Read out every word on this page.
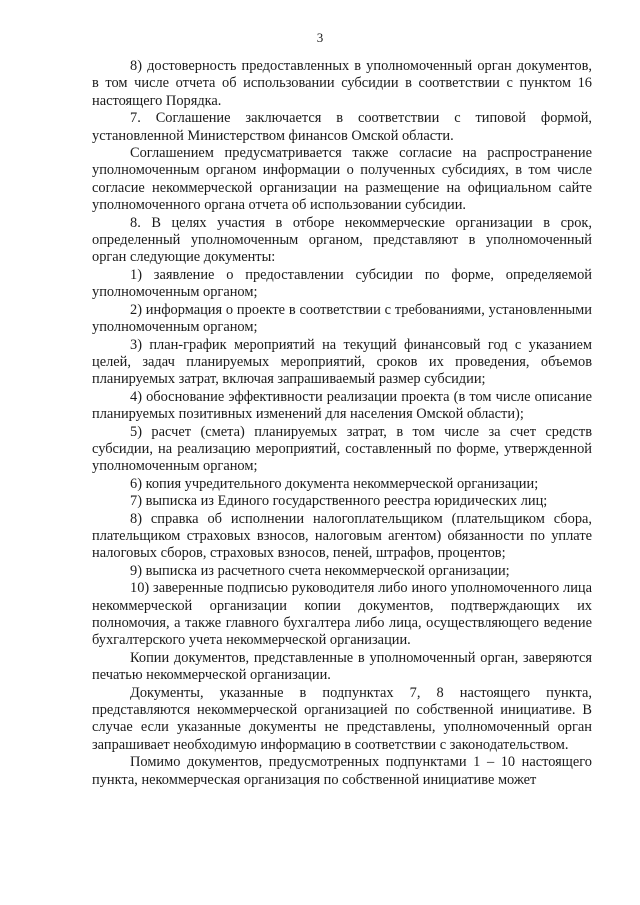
3

8) достоверность предоставленных в уполномоченный орган документов, в том числе отчета об использовании субсидии в соответствии с пунктом 16 настоящего Порядка.

7. Соглашение заключается в соответствии с типовой формой, установленной Министерством финансов Омской области.

Соглашением предусматривается также согласие на распространение уполномоченным органом информации о полученных субсидиях, в том числе согласие некоммерческой организации на размещение на официальном сайте уполномоченного органа отчета об использовании субсидии.

8. В целях участия в отборе некоммерческие организации в срок, определенный уполномоченным органом, представляют в уполномоченный орган следующие документы:

1) заявление о предоставлении субсидии по форме, определяемой уполномоченным органом;

2) информация о проекте в соответствии с требованиями, установленными уполномоченным органом;

3) план-график мероприятий на текущий финансовый год с указанием целей, задач планируемых мероприятий, сроков их проведения, объемов планируемых затрат, включая запрашиваемый размер субсидии;

4) обоснование эффективности реализации проекта (в том числе описание планируемых позитивных изменений для населения Омской области);

5) расчет (смета) планируемых затрат, в том числе за счет средств субсидии, на реализацию мероприятий, составленный по форме, утвержденной уполномоченным органом;

6) копия учредительного документа некоммерческой организации;

7) выписка из Единого государственного реестра юридических лиц;

8) справка об исполнении налогоплательщиком (плательщиком сбора, плательщиком страховых взносов, налоговым агентом) обязанности по уплате налоговых сборов, страховых взносов, пеней, штрафов, процентов;

9) выписка из расчетного счета некоммерческой организации;

10) заверенные подписью руководителя либо иного уполномоченного лица некоммерческой организации копии документов, подтверждающих их полномочия, а также главного бухгалтера либо лица, осуществляющего ведение бухгалтерского учета некоммерческой организации.

Копии документов, представленные в уполномоченный орган, заверяются печатью некоммерческой организации.

Документы, указанные в подпунктах 7, 8 настоящего пункта, представляются некоммерческой организацией по собственной инициативе. В случае если указанные документы не представлены, уполномоченный орган запрашивает необходимую информацию в соответствии с законодательством.

Помимо документов, предусмотренных подпунктами 1 – 10 настоящего пункта, некоммерческая организация по собственной инициативе может
